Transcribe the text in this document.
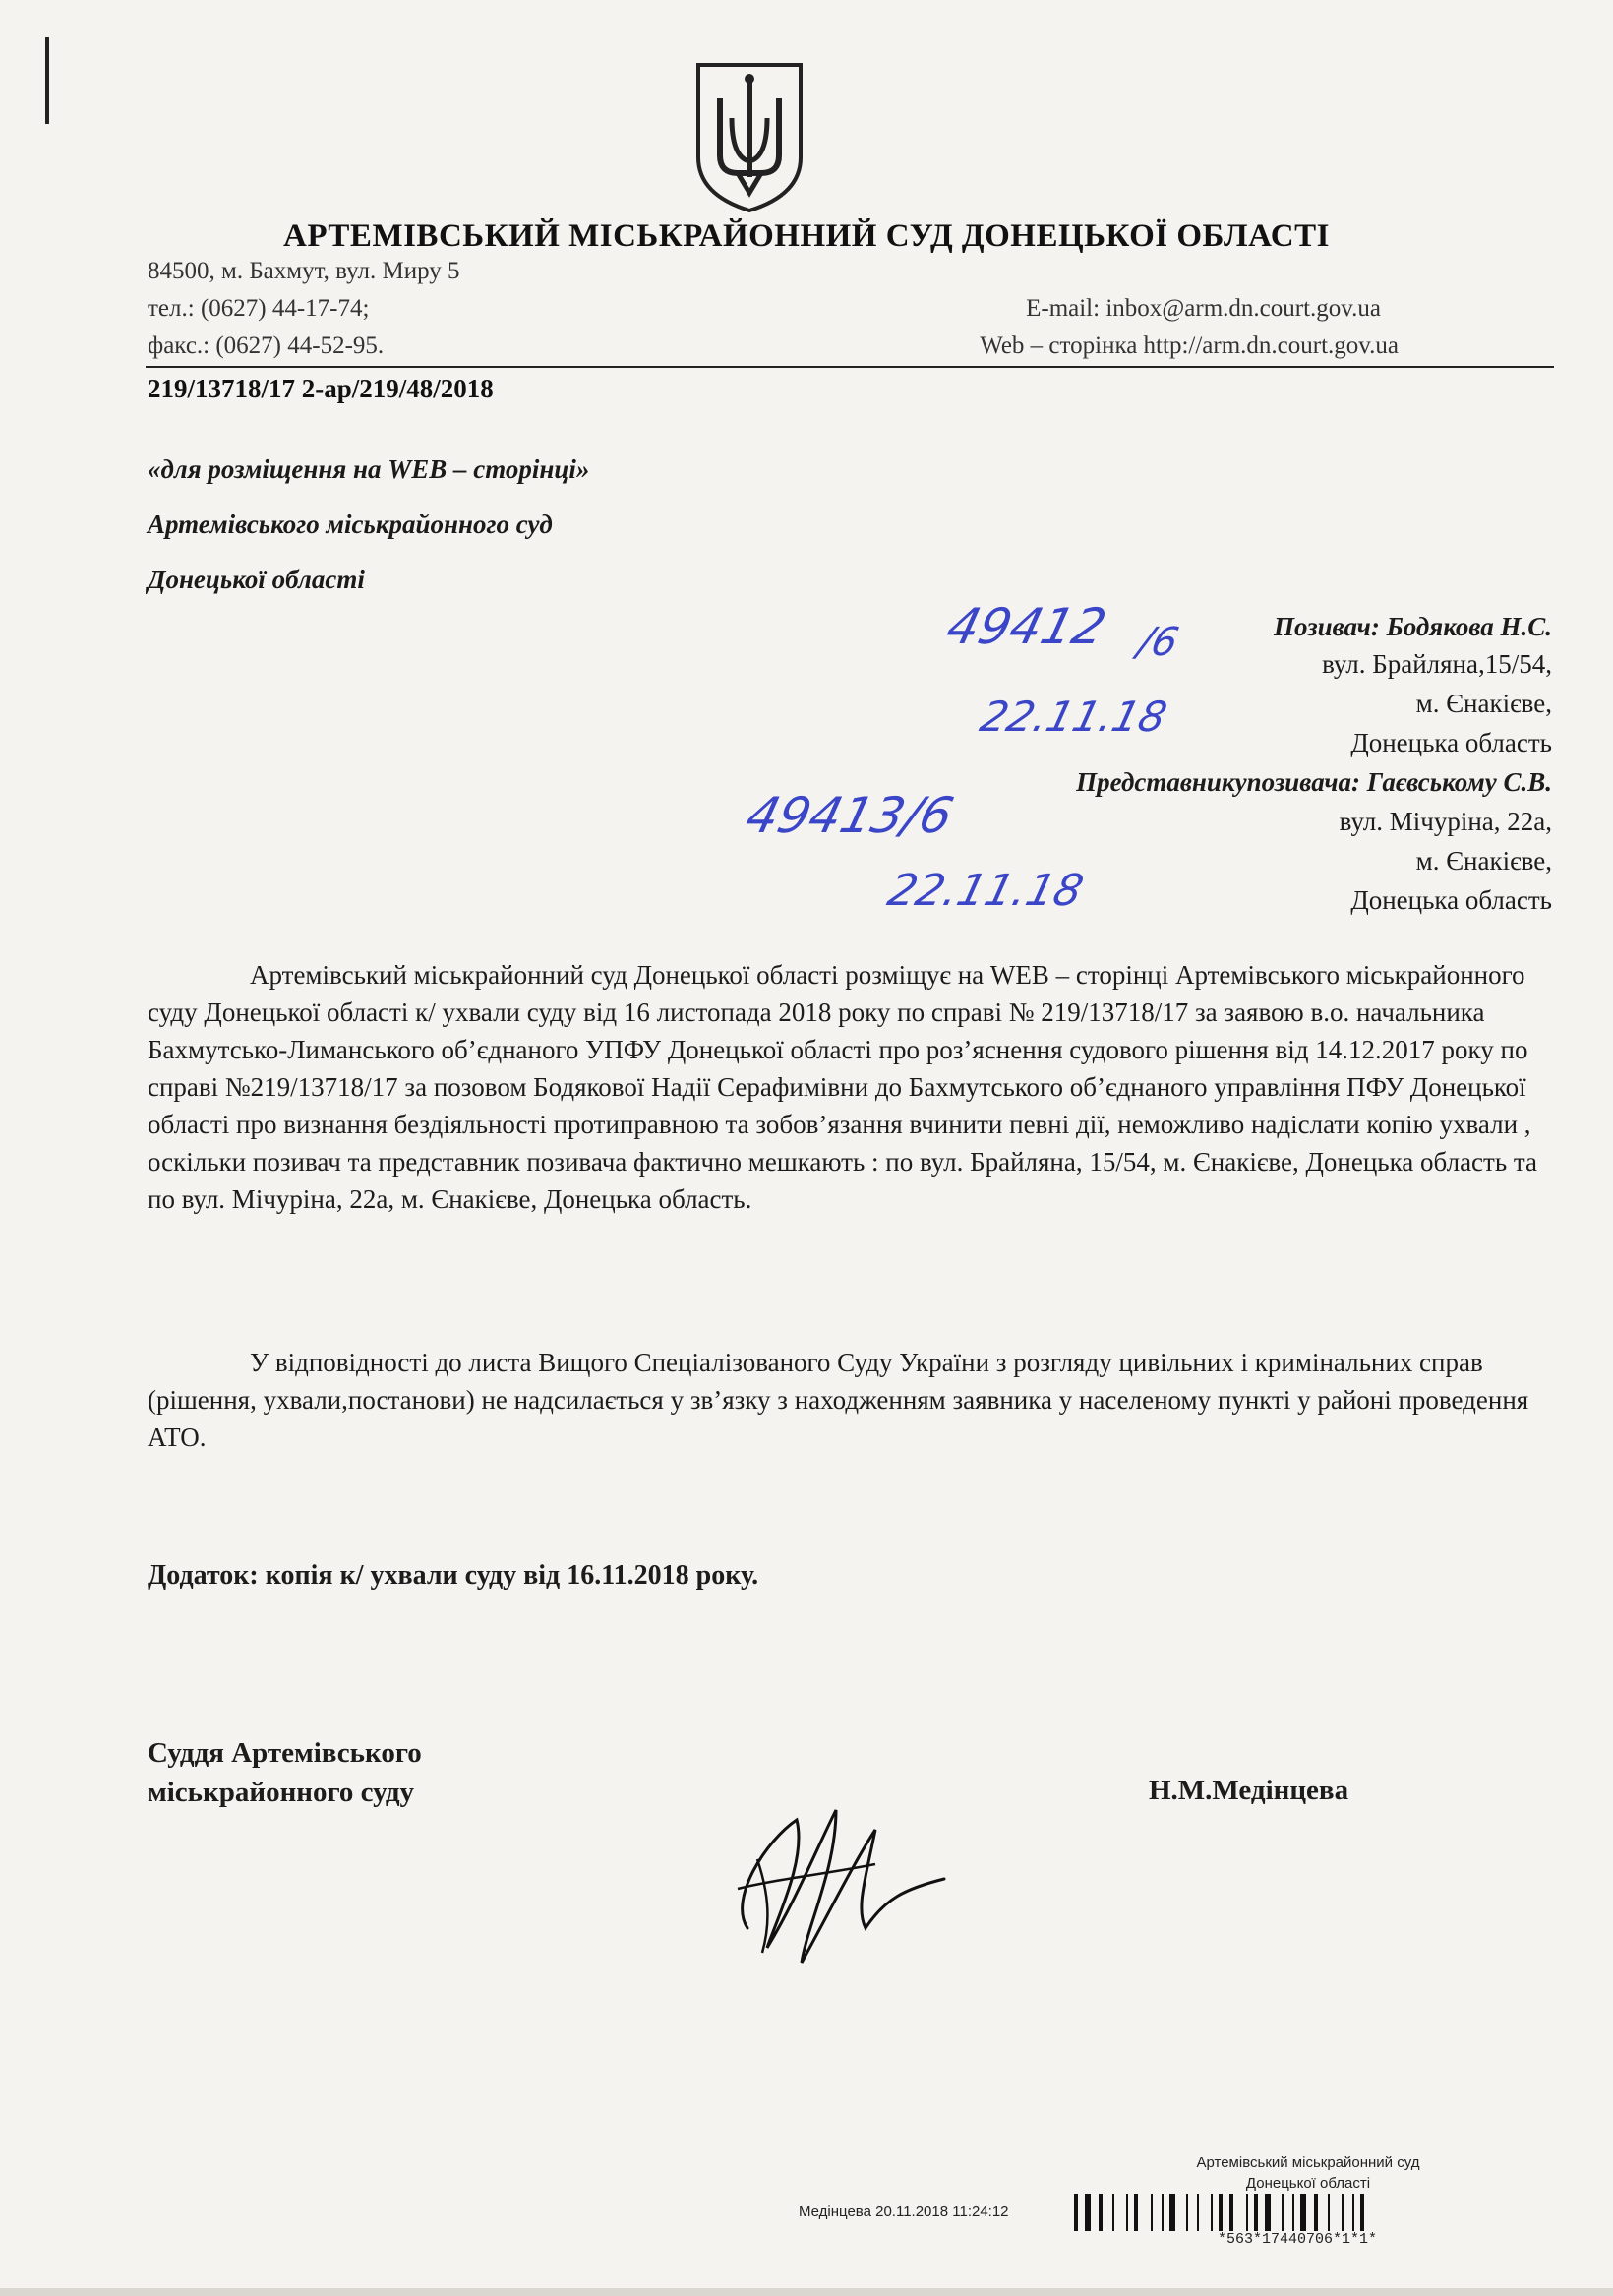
АРТЕМІВСЬКИЙ МІСЬКРАЙОННИЙ СУД ДОНЕЦЬКОЇ ОБЛАСТІ
84500, м. Бахмут, вул. Миру 5
тел.: (0627) 44-17-74;
факс.: (0627) 44-52-95.
E-mail: inbox@arm.dn.court.gov.ua
Web – сторінка http://arm.dn.court.gov.ua
219/13718/17 2-ар/219/48/2018
«для розміщення на WEB – сторінці»
Артемівського міськрайонного суд
Донецької області
Позивач: Бодякова Н.С.
вул. Брайляна,15/54,
м. Єнакієве,
Донецька область
Представникупозивача: Гаєвському С.В.
вул. Мічуріна, 22а,
м. Єнакієве,
Донецька область
49412 /6
22.11.18
49413/6
22.11.18

Артемівський міськрайонний суд Донецької області розміщує на WEB – сторінці Артемівського міськрайонного суду Донецької області к/ ухвали суду від 16 листопада 2018 року по справі № 219/13718/17 за заявою в.о. начальника Бахмутсько-Лиманського об’єднаного УПФУ Донецької області про роз’яснення судового рішення від 14.12.2017 року по справі №219/13718/17 за позовом Бодякової Надії Серафимівни до Бахмутського об’єднаного управління ПФУ Донецької області про визнання бездіяльності протиправною та зобов’язання вчинити певні дії, неможливо надіслати копію ухвали , оскільки позивач та представник позивача фактично мешкають : по вул. Брайляна, 15/54, м. Єнакієве, Донецька область та по вул. Мічуріна, 22а, м. Єнакієве, Донецька область.

У відповідності до листа Вищого Спеціалізованого Суду України з розгляду цивільних і кримінальних справ (рішення, ухвали,постанови) не надсилається у зв’язку з находженням заявника у населеному пункті у районі проведення АТО.

Додаток: копія к/ ухвали суду від 16.11.2018 року.
Суддя Артемівського
міськрайонного суду	Н.М.Медінцева
Артемівський міськрайонний суд
Донецької області
Медінцева 20.11.2018 11:24:12
*563*17440706*1*1*
